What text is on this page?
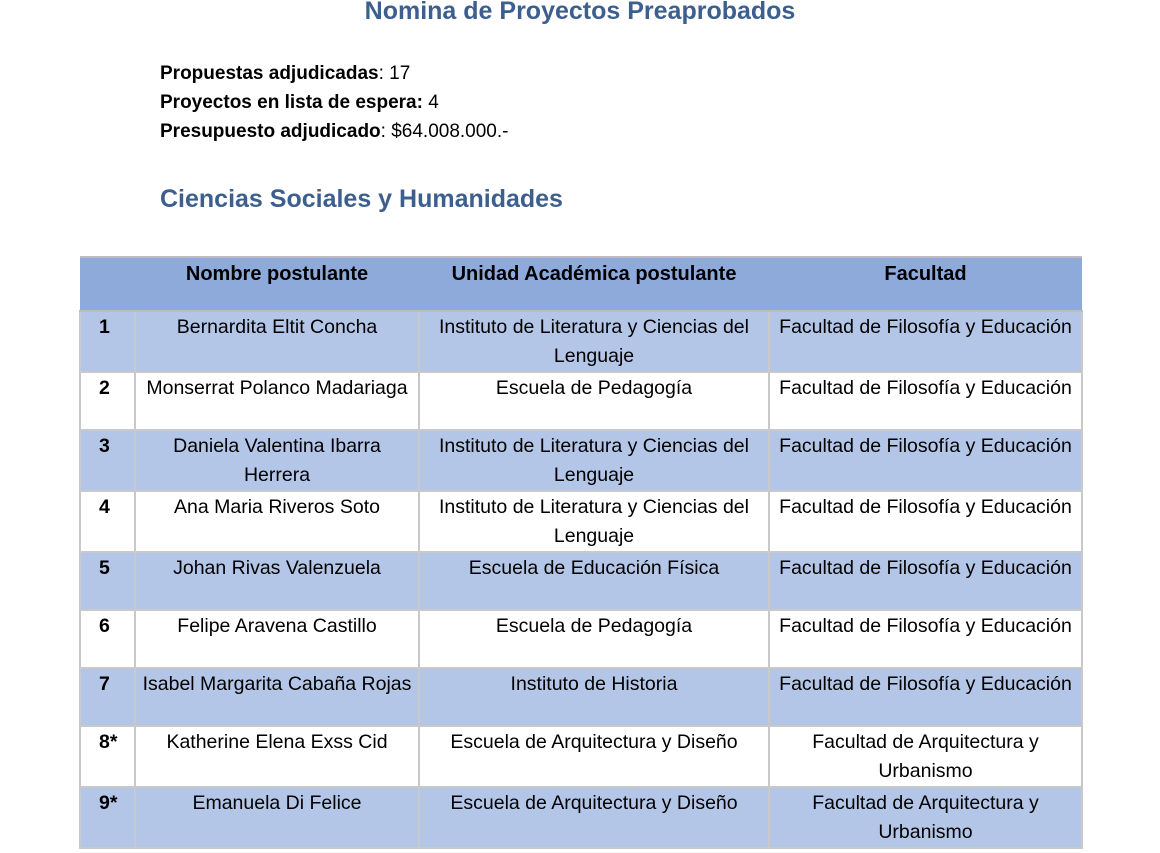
Nomina de Proyectos Preaprobados
Propuestas adjudicadas: 17
Proyectos en lista de espera: 4
Presupuesto adjudicado: $64.008.000.-
Ciencias Sociales y Humanidades
	Nombre postulante	Unidad Académica postulante	Facultad
1	Bernardita Eltit Concha	Instituto de Literatura y Ciencias del Lenguaje	Facultad de Filosofía y Educación
2	Monserrat Polanco Madariaga	Escuela de Pedagogía	Facultad de Filosofía y Educación
3	Daniela Valentina Ibarra Herrera	Instituto de Literatura y Ciencias del Lenguaje	Facultad de Filosofía y Educación
4	Ana Maria Riveros Soto	Instituto de Literatura y Ciencias del Lenguaje	Facultad de Filosofía y Educación
5	Johan Rivas Valenzuela	Escuela de Educación Física	Facultad de Filosofía y Educación
6	Felipe Aravena Castillo	Escuela de Pedagogía	Facultad de Filosofía y Educación
7	Isabel Margarita Cabaña Rojas	Instituto de Historia	Facultad de Filosofía y Educación
8*	Katherine Elena Exss Cid	Escuela de Arquitectura y Diseño	Facultad de Arquitectura y Urbanismo
9*	Emanuela Di Felice	Escuela de Arquitectura y Diseño	Facultad de Arquitectura y Urbanismo
